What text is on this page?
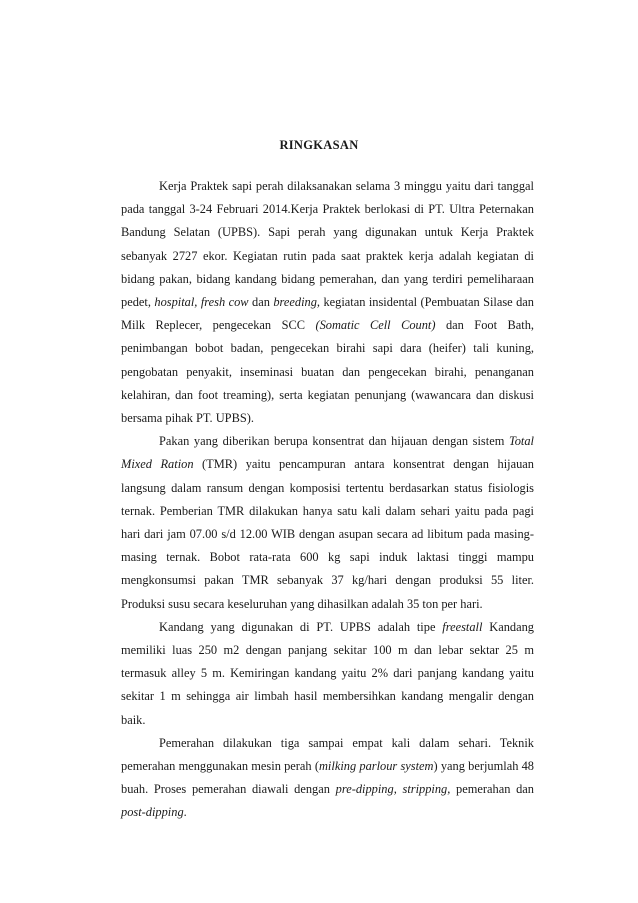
RINGKASAN

Kerja Praktek sapi perah dilaksanakan selama 3 minggu yaitu dari tanggal pada tanggal 3-24 Februari 2014.Kerja Praktek berlokasi di PT. Ultra Peternakan Bandung Selatan (UPBS). Sapi perah yang digunakan untuk Kerja Praktek sebanyak 2727 ekor. Kegiatan rutin pada saat praktek kerja adalah kegiatan di bidang pakan, bidang kandang bidang pemerahan, dan yang terdiri pemeliharaan pedet, hospital, fresh cow dan breeding, kegiatan insidental (Pembuatan Silase dan Milk Replecer, pengecekan SCC (Somatic Cell Count) dan Foot Bath, penimbangan bobot badan, pengecekan birahi sapi dara (heifer) tali kuning, pengobatan penyakit, inseminasi buatan dan pengecekan birahi, penanganan kelahiran, dan foot treaming), serta kegiatan penunjang (wawancara dan diskusi bersama pihak PT. UPBS).

Pakan yang diberikan berupa konsentrat dan hijauan dengan sistem Total Mixed Ration (TMR) yaitu pencampuran antara konsentrat dengan hijauan langsung dalam ransum dengan komposisi tertentu berdasarkan status fisiologis ternak. Pemberian TMR dilakukan hanya satu kali dalam sehari yaitu pada pagi hari dari jam 07.00 s/d 12.00 WIB dengan asupan secara ad libitum pada masing-masing ternak. Bobot rata-rata 600 kg sapi induk laktasi tinggi mampu mengkonsumsi pakan TMR sebanyak 37 kg/hari dengan produksi 55 liter. Produksi susu secara keseluruhan yang dihasilkan adalah 35 ton per hari.

Kandang yang digunakan di PT. UPBS adalah tipe freestall Kandang memiliki luas 250 m2 dengan panjang sekitar 100 m dan lebar sektar 25 m termasuk alley 5 m. Kemiringan kandang yaitu 2% dari panjang kandang yaitu sekitar 1 m sehingga air limbah hasil membersihkan kandang mengalir dengan baik.

Pemerahan dilakukan tiga sampai empat kali dalam sehari. Teknik pemerahan menggunakan mesin perah (milking parlour system) yang berjumlah 48 buah. Proses pemerahan diawali dengan pre-dipping, stripping, pemerahan dan post-dipping.
